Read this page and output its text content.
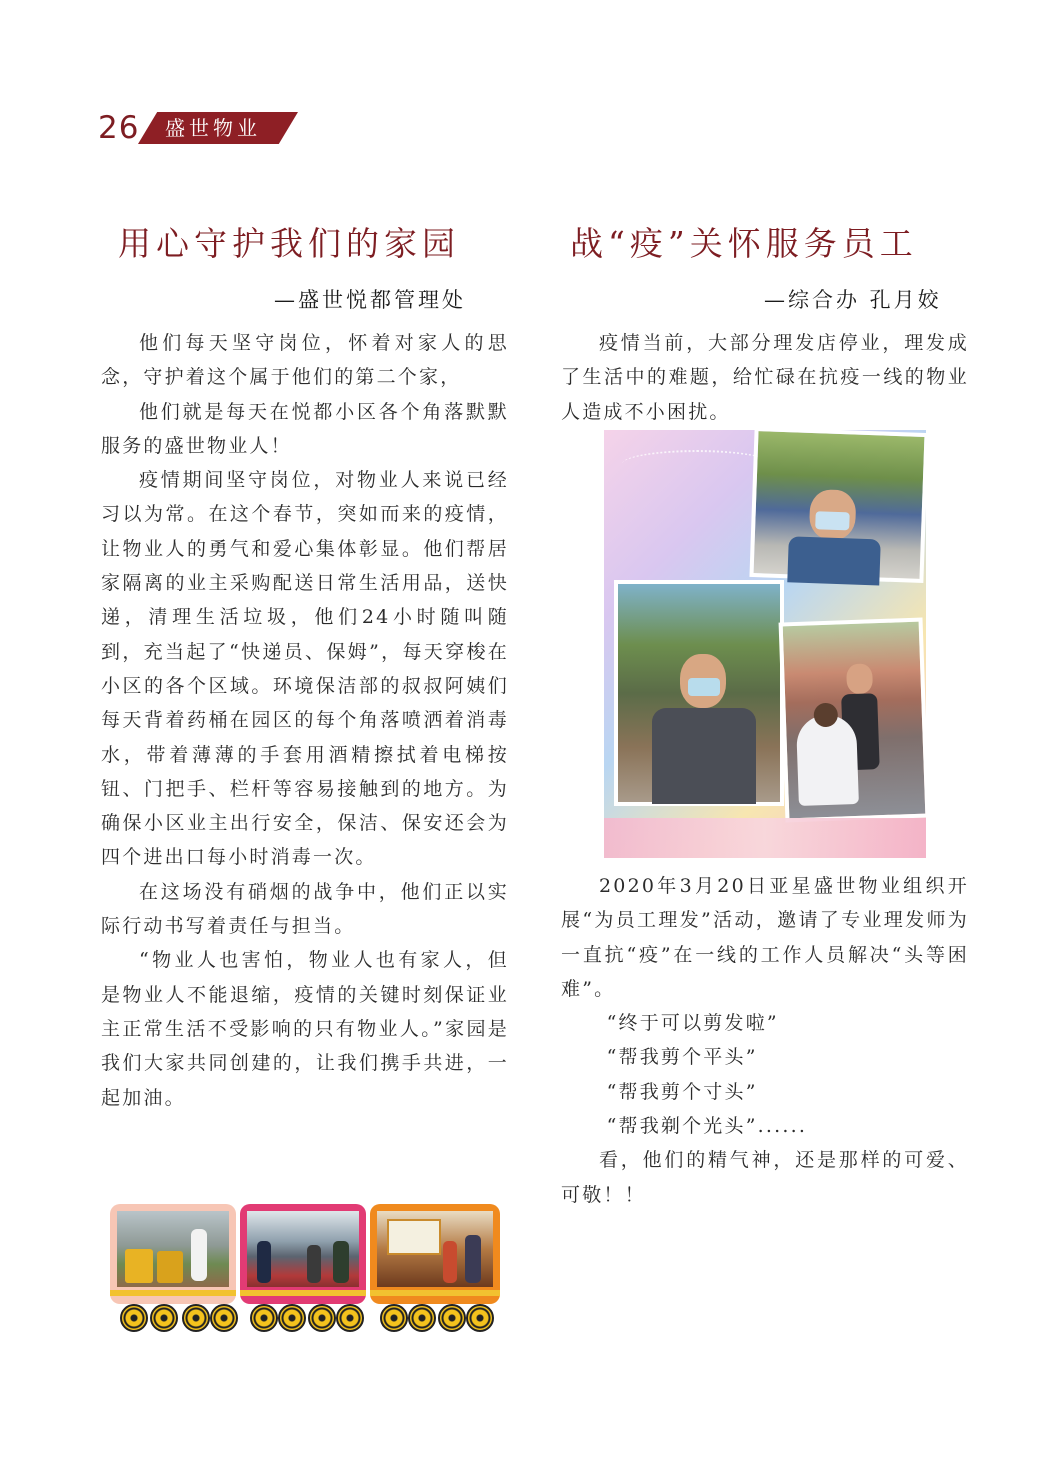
26 盛世物业
用心守护我们的家园
—盛世悦都管理处

他们每天坚守岗位，怀着对家人的思念，守护着这个属于他们的第二个家，

他们就是每天在悦都小区各个角落默默服务的盛世物业人！

疫情期间坚守岗位，对物业人来说已经习以为常。在这个春节，突如而来的疫情，让物业人的勇气和爱心集体彰显。他们帮居家隔离的业主采购配送日常生活用品，送快递，清理生活垃圾，他们24小时随叫随到，充当起了“快递员、保姆”，每天穿梭在小区的各个区域。环境保洁部的叔叔阿姨们每天背着药桶在园区的每个角落喷洒着消毒水，带着薄薄的手套用酒精擦拭着电梯按钮、门把手、栏杆等容易接触到的地方。为确保小区业主出行安全，保洁、保安还会为四个进出口每小时消毒一次。

在这场没有硝烟的战争中，他们正以实际行动书写着责任与担当。

“物业人也害怕，物业人也有家人，但是物业人不能退缩，疫情的关键时刻保证业主正常生活不受影响的只有物业人。”家园是我们大家共同创建的，让我们携手共进，一起加油。

战“疫”关怀服务员工
—综合办 孔月姣

疫情当前，大部分理发店停业，理发成了生活中的难题，给忙碌在抗疫一线的物业人造成不小困扰。

2020年3月20日亚星盛世物业组织开展“为员工理发”活动，邀请了专业理发师为一直抗“疫”在一线的工作人员解决“头等困难”。

“终于可以剪发啦”

“帮我剪个平头”

“帮我剪个寸头”

“帮我剃个光头”......

看，他们的精气神，还是那样的可爱、可敬！！
